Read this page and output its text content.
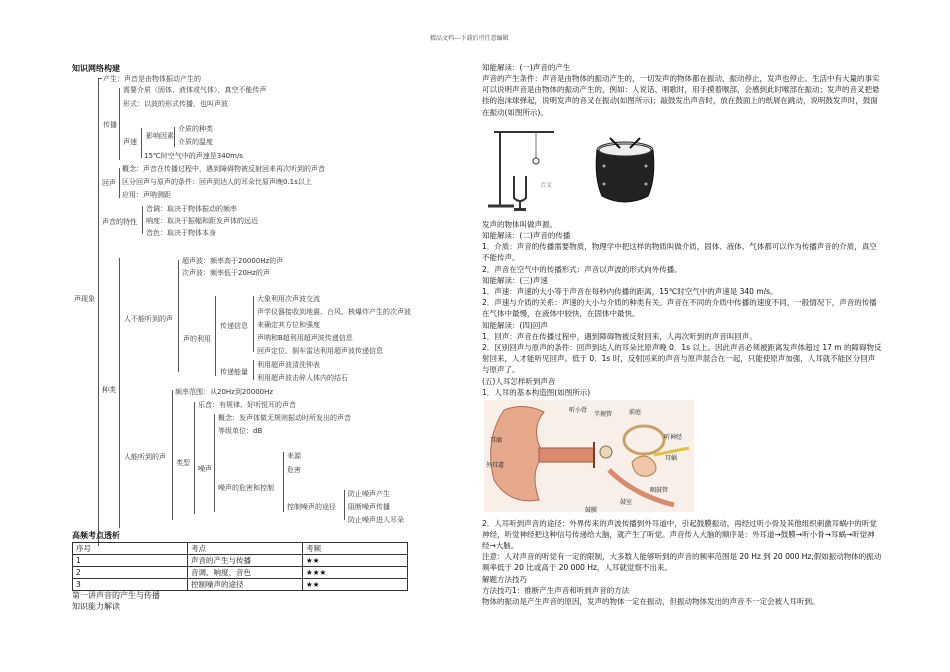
精品文档---下载后可任意编辑
知识网络构建
声现象
产生：声音是由物体振动产生的
传播
需要介质（固体、液体或气体），真空不能传声
形式：以波的形式传播，也叫声波
声速
影响因素
介质的种类
介质的温度
15℃时空气中的声速是340m/s
回声
概念：声音在传播过程中，遇到障碍物被反射回来再次听到的声音
区分回声与原声的条件：回声到达人的耳朵比原声晚0.1s以上
应用：声呐测距
声音的特性
音调：取决于物体振动的频率
响度：取决于振幅和距发声体的远近
音色：取决于物体本身
种类
人不能听到的声
超声波：频率高于20000Hz的声
次声波：频率低于20Hz的声
声的利用
传递信息
大象利用次声波交流
声学仪器接收到地震、台风、核爆炸产生的次声波
来确定其方位和强度
声呐和B超利用超声波传递信息
回声定位、倒车雷达利用超声波传递信息
传递能量
利用超声波清洗钟表
利用超声波击碎人体内的结石
人能听到的声
频率范围：从20Hz到20000Hz
类型
乐音：有规律、好听悦耳的声音
噪声
概念：发声体做无规则振动时所发出的声音
等级单位：dB
噪声的危害和控制
来源
危害
控制噪声的途径
防止噪声产生
阻断噪声传播
防止噪声进入耳朵
高频考点透析
序号	考点	考频
1	声音的产生与传播	★★
2	音调、响度、音色	★★★
3	控制噪声的途径	★★
第一讲声音的产生与传播
知识能力解读
知能解读：(一)声音的产生
声音的产生条件：声音是由物体的振动产生的，一切发声的物体都在振动，振动停止，发声也停止。生活中有大量的事实可以说明声音是由物体的振动产生的，例如：人说话、唱歌时，用手摸着喉部，会感到此时喉部在振动；发声的音叉把悬挂的泡沫球弹起，说明发声的音叉在振动(如图所示)；敲鼓发出声音时，放在鼓面上的纸屑在跳动，说明鼓发声时，鼓面在振动(如图所示)。
音叉
发声的物体叫做声源。
知能解读：(二)声音的传播
1．介质：声音的传播需要物质，物理学中把这样的物质叫做介质，固体、液体、气体都可以作为传播声音的介质，真空不能传声。
2．声音在空气中的传播形式：声音以声波的形式向外传播。
知能解读：(三)声速
1．声速：声速的大小等于声音在每秒内传播的距离，15℃时空气中的声速是 340 m/s。
2．声速与介质的关系：声速的大小与介质的种类有关。声音在不同的介质中传播的速度不同，一般情况下，声音的传播在气体中最慢，在液体中较快，在固体中最快。
知能解读：(四)回声
1．回声：声音在传播过程中，遇到障碍物被反射回来，人再次听到的声音叫回声。
2．区别回声与原声的条件：回声到达人的耳朵比原声晚 0．1s 以上。因此声音必须被距离发声体超过 17 m 的障碍物反射回来，人才能听见回声。低于 0．1s 时，反射回来的声音与原声混合在一起，只能使原声加强，人耳就不能区分回声与原声了。
(五)人耳怎样听到声音
1．人耳的基本构造图(如图所示)
听小骨
半规管	前庭
耳廓	听神经
外耳道
耳蜗
咽鼓管
鼓膜
鼓室
2．人耳听到声音的途径：外界传来的声波传播到外耳道中，引起鼓膜振动，再经过听小骨及其他组织刺激耳蜗中的听觉神经，听觉神经把这种信号传递给大脑，就产生了听觉。声音传入大脑的顺序是：外耳道→鼓膜→听小骨→耳蜗→听觉神经→大脑。
注意：人对声音的听觉有一定的限制，大多数人能够听到的声音的频率范围是 20 Hz 到 20 000 Hz,假如振动物体的振动频率低于 20 比或高于 20 000 Hz，人耳就觉察不出来。
解题方法技巧
方法技巧1：推断产生声音和听到声音的方法
物体的振动是产生声音的原因，发声的物体一定在振动，但振动物体发出的声音不一定会被人耳听到。
